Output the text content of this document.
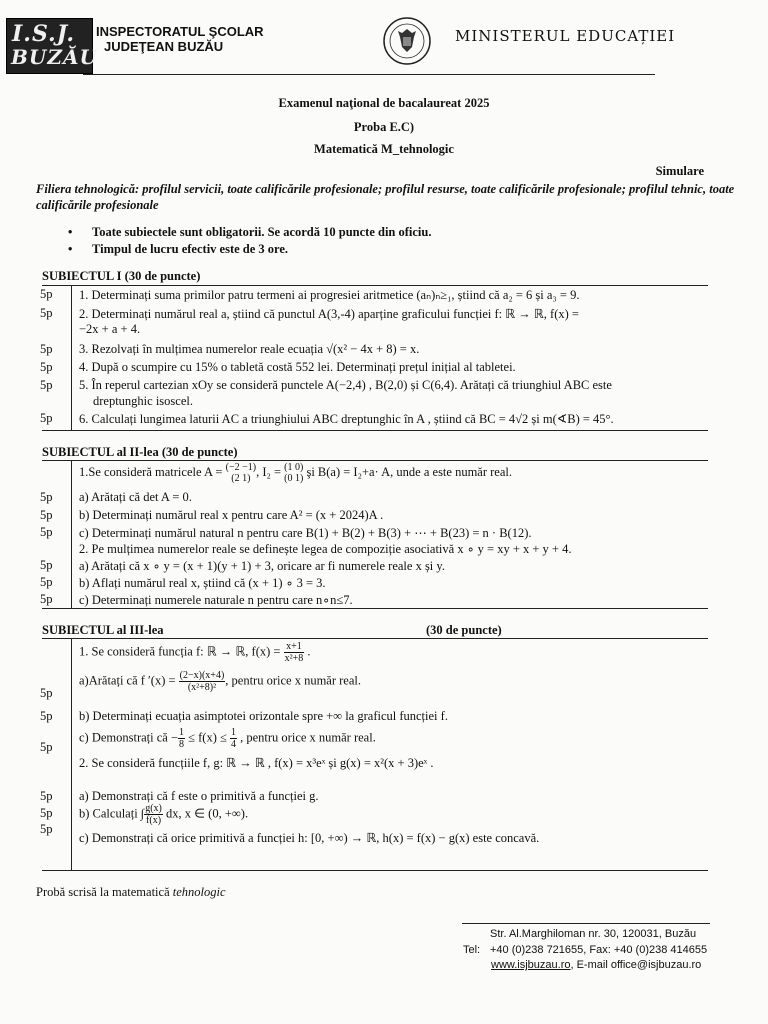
I.S.J.
BUZĂU
INSPECTORATUL ŞCOLAR
JUDEŢEAN BUZĂU
MINISTERUL EDUCAȚIEI
Examenul naţional de bacalaureat 2025
Proba E.C)
Matematică M_tehnologic
Simulare
Filiera tehnologică: profilul servicii, toate calificările profesionale; profilul resurse, toate calificările profesionale; profilul tehnic, toate calificările profesionale
• Toate subiectele sunt obligatorii. Se acordă 10 puncte din oficiu.
• Timpul de lucru efectiv este de 3 ore.
SUBIECTUL I (30 de puncte)
5p
5p
5p
5p
5p
5p
1. Determinați suma primilor patru termeni ai progresiei aritmetice (aₙ)ₙ≥₁, știind că a₂ = 6 și a₃ = 9.
2. Determinați numărul real a, știind că punctul A(3,-4) aparține graficului funcției f: ℝ → ℝ, f(x) =
−2x + a + 4.
3. Rezolvați în mulțimea numerelor reale ecuația √(x² − 4x + 8) = x.
4. După o scumpire cu 15% o tabletă costă 552 lei. Determinați prețul inițial al tabletei.
5. În reperul cartezian xOy se consideră punctele A(−2,4) , B(2,0) și C(6,4). Arătați că triunghiul ABC este
dreptunghic isoscel.
6. Calculați lungimea laturii AC a triunghiului ABC dreptunghic în A , știind că BC = 4√2 și m(∢B) = 45°.
SUBIECTUL al II-lea (30 de puncte)
1.Se consideră matricele A = (−2 −1)
(2 1) , I₂ = (1 0)
(0 1) şi B(a) = I₂+a· A, unde a este număr real.
5p
5p
5p
5p
5p
5p
a) Arătați că det A = 0.
b) Determinați numărul real x pentru care A² = (x + 2024)A .
c) Determinați numărul natural n pentru care B(1) + B(2) + B(3) + ⋯ + B(23) = n · B(12).
2. Pe mulțimea numerelor reale se definește legea de compoziție asociativă x ∘ y = xy + x + y + 4.
a) Arătați că x ∘ y = (x + 1)(y + 1) + 3, oricare ar fi numerele reale x și y.
b) Aflați numărul real x, știind că (x + 1) ∘ 3 = 3.
c) Determinați numerele naturale n pentru care n∘n≤7.
SUBIECTUL al III-lea	(30 de puncte)
1. Se consideră funcția f: ℝ → ℝ, $f(x) = \frac{x+1}{\text{x²+8}}$ .
5p
5p
5p
5p
5p
5p
a)Arătați că f $'(x) = \frac{(2-x)(x+4)}{\text{(x²+8)²}}$ , pentru orice x număr real.
b) Determinați ecuația asimptotei orizontale spre +∞ la graficul funcției f.
c) Demonstrați că − $\frac{1}{8} \le f(x) \le \frac{1}{4}$ , pentru orice x număr real.
2. Se consideră funcțiile f, g: ℝ → ℝ , f(x) = x³eˣ și g(x) = x²(x + 3)eˣ .
a) Demonstrați că f este o primitivă a funcției g.
b) Calculați ∫ $\frac{g(x)}{f(x)}$ dx, x ∈ (0, +∞).
c) Demonstrați că orice primitivă a funcției h: [0, +∞) → ℝ, h(x) = f(x) − g(x) este concavă.
Probă scrisă la matematică tehnologic
Str. Al.Marghiloman nr. 30, 120031, Buzău
Tel: +40 (0)238 721655, Fax: +40 (0)238 414655
www.isjbuzau.ro, E-mail office@isjbuzau.ro
